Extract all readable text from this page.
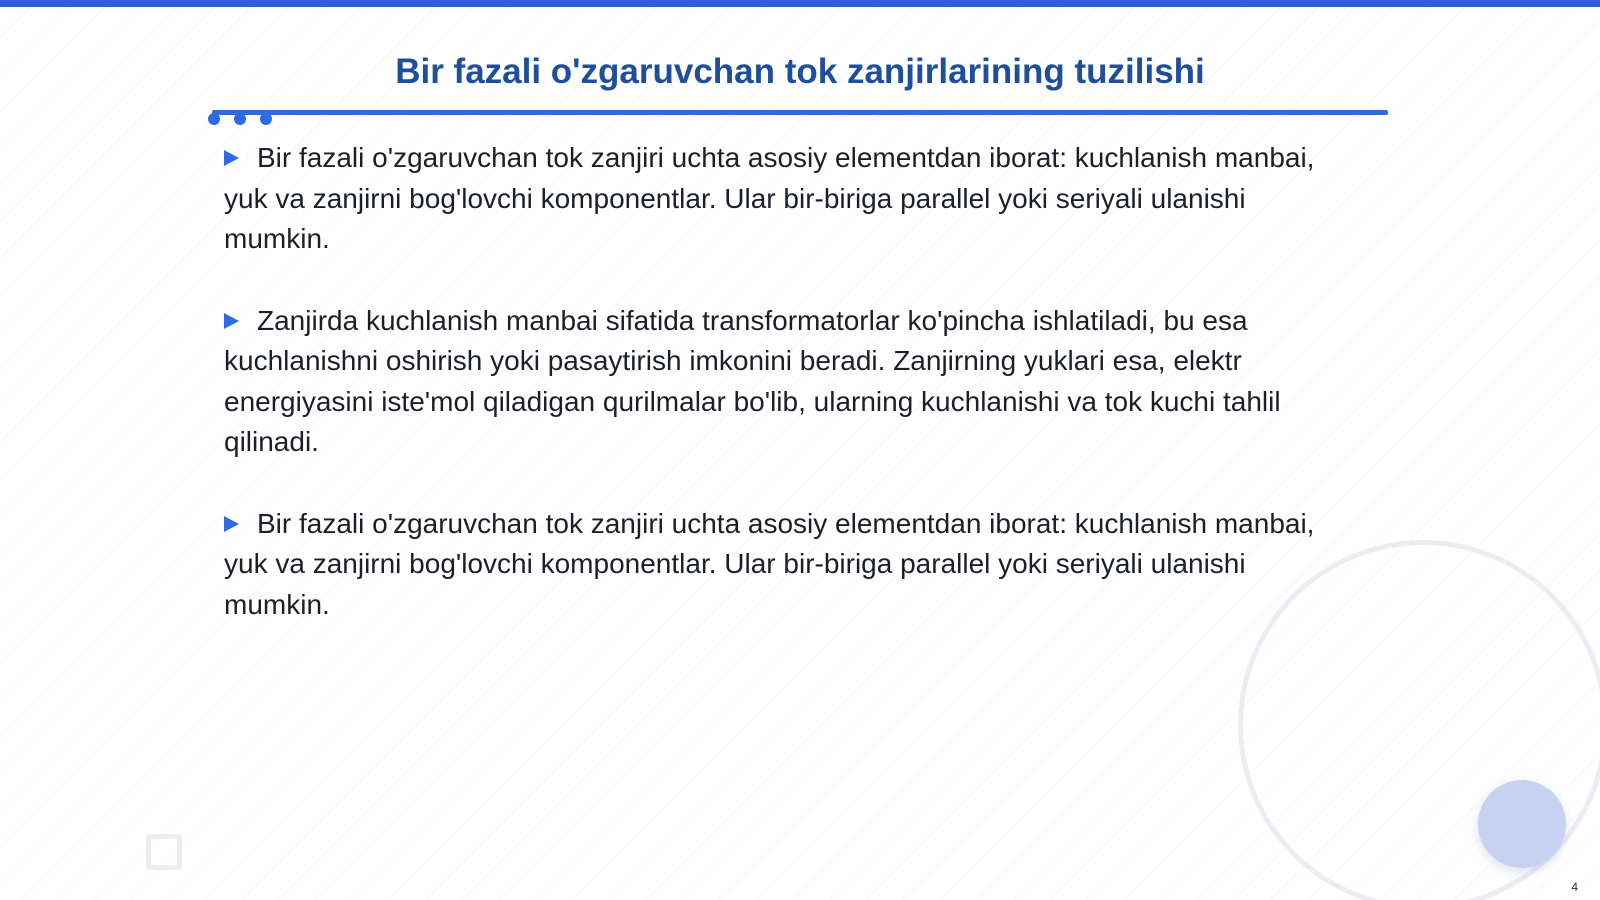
Bir fazali o'zgaruvchan tok zanjirlarining tuzilishi

Bir fazali o'zgaruvchan tok zanjiri uchta asosiy elementdan iborat: kuchlanish manbai, yuk va zanjirni bog'lovchi komponentlar. Ular bir-biriga parallel yoki seriyali ulanishi mumkin.

Zanjirda kuchlanish manbai sifatida transformatorlar ko'pincha ishlatiladi, bu esa kuchlanishni oshirish yoki pasaytirish imkonini beradi. Zanjirning yuklari esa, elektr energiyasini iste'mol qiladigan qurilmalar bo'lib, ularning kuchlanishi va tok kuchi tahlil qilinadi.

Bir fazali o'zgaruvchan tok zanjiri uchta asosiy elementdan iborat: kuchlanish manbai, yuk va zanjirni bog'lovchi komponentlar. Ular bir-biriga parallel yoki seriyali ulanishi mumkin.

4
